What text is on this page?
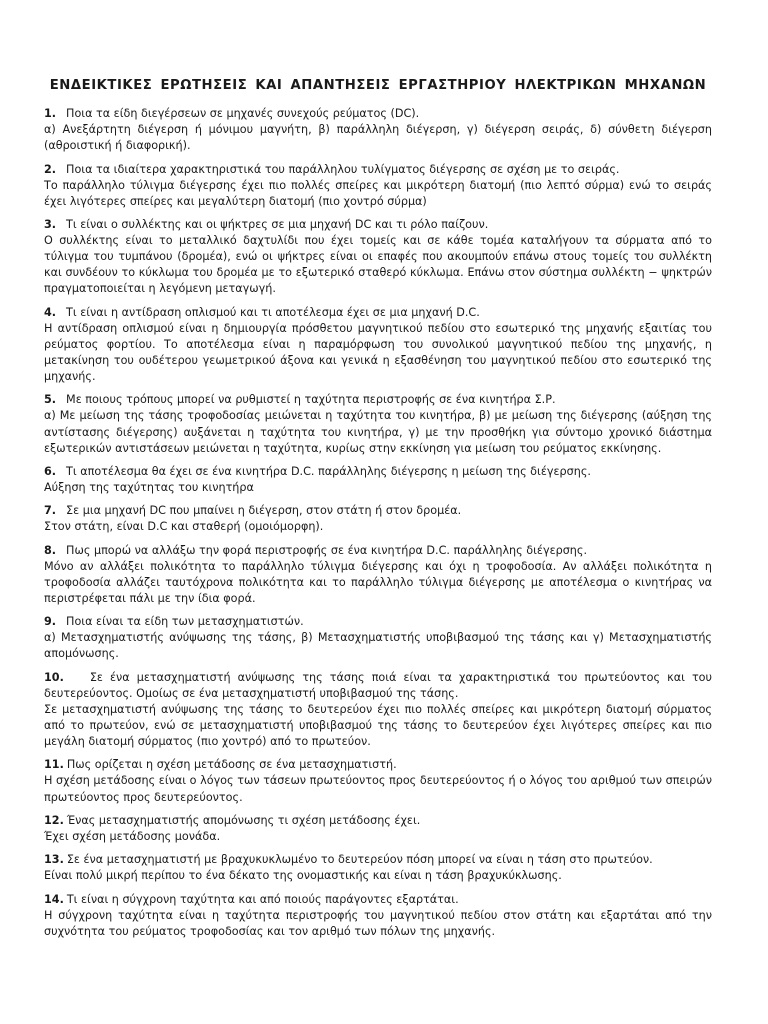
ΕΝΔΕΙΚΤΙΚΕΣ ΕΡΩΤΗΣΕΙΣ ΚΑΙ ΑΠΑΝΤΗΣΕΙΣ ΕΡΓΑΣΤΗΡΙΟΥ ΗΛΕΚΤΡΙΚΩΝ ΜΗΧΑΝΩΝ

1. Ποια τα είδη διεγέρσεων σε μηχανές συνεχούς ρεύματος (DC).

α) Ανεξάρτητη διέγερση ή μόνιμου μαγνήτη, β) παράλληλη διέγερση, γ) διέγερση σειράς, δ) σύνθετη διέγερση (αθροιστική ή διαφορική).

2. Ποια τα ιδιαίτερα χαρακτηριστικά του παράλληλου τυλίγματος διέγερσης σε σχέση με το σειράς.

Το παράλληλο τύλιγμα διέγερσης έχει πιο πολλές σπείρες και μικρότερη διατομή (πιο λεπτό σύρμα) ενώ το σειράς έχει λιγότερες σπείρες και μεγαλύτερη διατομή (πιο χοντρό σύρμα)

3. Τι είναι ο συλλέκτης και οι ψήκτρες σε μια μηχανή DC και τι ρόλο παίζουν.

Ο συλλέκτης είναι το μεταλλικό δαχτυλίδι που έχει τομείς και σε κάθε τομέα καταλήγουν τα σύρματα από το τύλιγμα του τυμπάνου (δρομέα), ενώ οι ψήκτρες είναι οι επαφές που ακουμπούν επάνω στους τομείς του συλλέκτη και συνδέουν το κύκλωμα του δρομέα με το εξωτερικό σταθερό κύκλωμα. Επάνω στον σύστημα συλλέκτη − ψηκτρών πραγματοποιείται η λεγόμενη μεταγωγή.

4. Τι είναι η αντίδραση οπλισμού και τι αποτέλεσμα έχει σε μια μηχανή D.C.

Η αντίδραση οπλισμού είναι η δημιουργία πρόσθετου μαγνητικού πεδίου στο εσωτερικό της μηχανής εξαιτίας του ρεύματος φορτίου. Το αποτέλεσμα είναι η παραμόρφωση του συνολικού μαγνητικού πεδίου της μηχανής, η μετακίνηση του ουδέτερου γεωμετρικού άξονα και γενικά η εξασθένηση του μαγνητικού πεδίου στο εσωτερικό της μηχανής.

5. Με ποιους τρόπους μπορεί να ρυθμιστεί η ταχύτητα περιστροφής σε ένα κινητήρα Σ.Ρ.

α) Με μείωση της τάσης τροφοδοσίας μειώνεται η ταχύτητα του κινητήρα, β) με μείωση της διέγερσης (αύξηση της αντίστασης διέγερσης) αυξάνεται η ταχύτητα του κινητήρα, γ) με την προσθήκη για σύντομο χρονικό διάστημα εξωτερικών αντιστάσεων μειώνεται η ταχύτητα, κυρίως στην εκκίνηση για μείωση του ρεύματος εκκίνησης.

6. Τι αποτέλεσμα θα έχει σε ένα κινητήρα D.C. παράλληλης διέγερσης η μείωση της διέγερσης.

Αύξηση της ταχύτητας του κινητήρα

7. Σε μια μηχανή DC που μπαίνει η διέγερση, στον στάτη ή στον δρομέα.

Στον στάτη, είναι D.C και σταθερή (ομοιόμορφη).

8. Πως μπορώ να αλλάξω την φορά περιστροφής σε ένα κινητήρα D.C. παράλληλης διέγερσης.

Μόνο αν αλλάξει πολικότητα το παράλληλο τύλιγμα διέγερσης και όχι η τροφοδοσία. Αν αλλάξει πολικότητα η τροφοδοσία αλλάζει ταυτόχρονα πολικότητα και το παράλληλο τύλιγμα διέγερσης με αποτέλεσμα ο κινητήρας να περιστρέφεται πάλι με την ίδια φορά.

9. Ποια είναι τα είδη των μετασχηματιστών.

α) Μετασχηματιστής ανύψωσης της τάσης, β) Μετασχηματιστής υποβιβασμού της τάσης και γ) Μετασχηματιστής απομόνωσης.

10. Σε ένα μετασχηματιστή ανύψωσης της τάσης ποιά είναι τα χαρακτηριστικά του πρωτεύοντος και του δευτερεύοντος. Ομοίως σε ένα μετασχηματιστή υποβιβασμού της τάσης.

Σε μετασχηματιστή ανύψωσης της τάσης το δευτερεύον έχει πιο πολλές σπείρες και μικρότερη διατομή σύρματος από το πρωτεύον, ενώ σε μετασχηματιστή υποβιβασμού της τάσης το δευτερεύον έχει λιγότερες σπείρες και πιο μεγάλη διατομή σύρματος (πιο χοντρό) από το πρωτεύον.

11. Πως ορίζεται η σχέση μετάδοσης σε ένα μετασχηματιστή.

Η σχέση μετάδοσης είναι ο λόγος των τάσεων πρωτεύοντος προς δευτερεύοντος ή ο λόγος του αριθμού των σπειρών πρωτεύοντος προς δευτερεύοντος.

12. Ένας μετασχηματιστής απομόνωσης τι σχέση μετάδοσης έχει.

Έχει σχέση μετάδοσης μονάδα.

13. Σε ένα μετασχηματιστή με βραχυκυκλωμένο το δευτερεύον πόση μπορεί να είναι η τάση στο πρωτεύον.

Είναι πολύ μικρή περίπου το ένα δέκατο της ονομαστικής και είναι η τάση βραχυκύκλωσης.

14. Τι είναι η σύγχρονη ταχύτητα και από ποιούς παράγοντες εξαρτάται.

Η σύγχρονη ταχύτητα είναι η ταχύτητα περιστροφής του μαγνητικού πεδίου στον στάτη και εξαρτάται από την συχνότητα του ρεύματος τροφοδοσίας και τον αριθμό των πόλων της μηχανής.
